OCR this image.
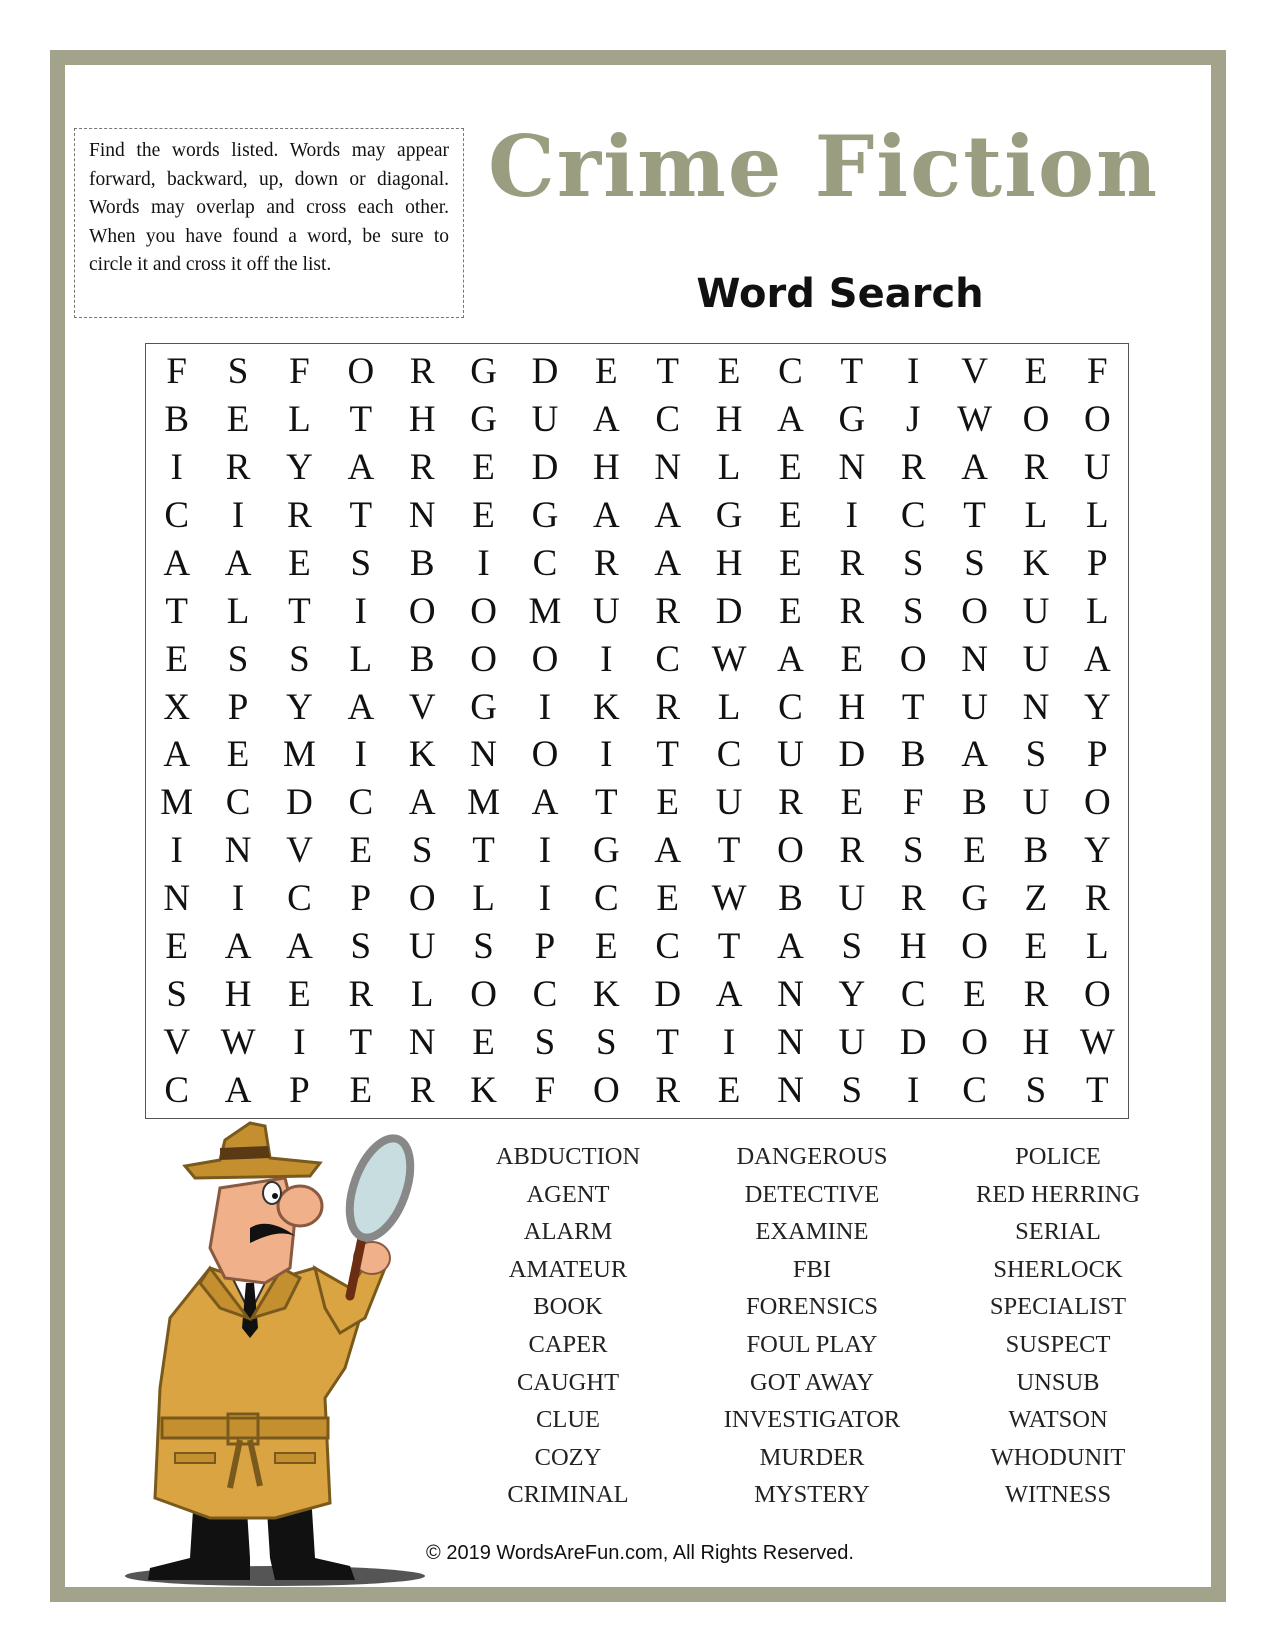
Find the words listed. Words may appear forward, backward, up, down or diagonal. Words may overlap and cross each other. When you have found a word, be sure to circle it and cross it off the list.
Crime Fiction
Word Search
F	S	F	O R G D E	T	E	C	T	I	V E	F
B	E	L	T H G U A C H A G	J W O O
I	R Y A R	E D H N L	E N R A R U
C	I	R	T N E G A A G E	I	C	T	L	L
A A E	S	B	I	C R A H E	R	S	S	K	P
T	L	T	I	O O M U R D E	R	S	O U L
E	S	S	L	B O O	I	C W A E O N U A
X	P	Y A V G	I	K R	L	C H T U N Y
A E M	I	K N O	I	T	C U D B A	S	P
M C D C A M A T	E U R	E	F	B U O
I	N V E	S	T	I	G A T O R	S	E	B Y
N	I	C	P	O L	I	C	E W B U R G Z	R
E A A	S	U	S	P	E	C	T A	S	H O E	L
S	H E	R	L O C K D A N Y C	E	R O
V W	I	T N E	S	S	T	I	N U D O H W
C A	P	E	R K	F	O R	E N	S	I	C	S	T
ABDUCTION
AGENT
ALARM
AMATEUR
BOOK
CAPER
CAUGHT
CLUE
COZY
CRIMINAL
DANGEROUS
DETECTIVE
EXAMINE
FBI
FORENSICS
FOUL PLAY
GOT AWAY
INVESTIGATOR
MURDER
MYSTERY
POLICE
RED HERRING
SERIAL
SHERLOCK
SPECIALIST
SUSPECT
UNSUB
WATSON
WHODUNIT
WITNESS
© 2019 WordsAreFun.com, All Rights Reserved.
